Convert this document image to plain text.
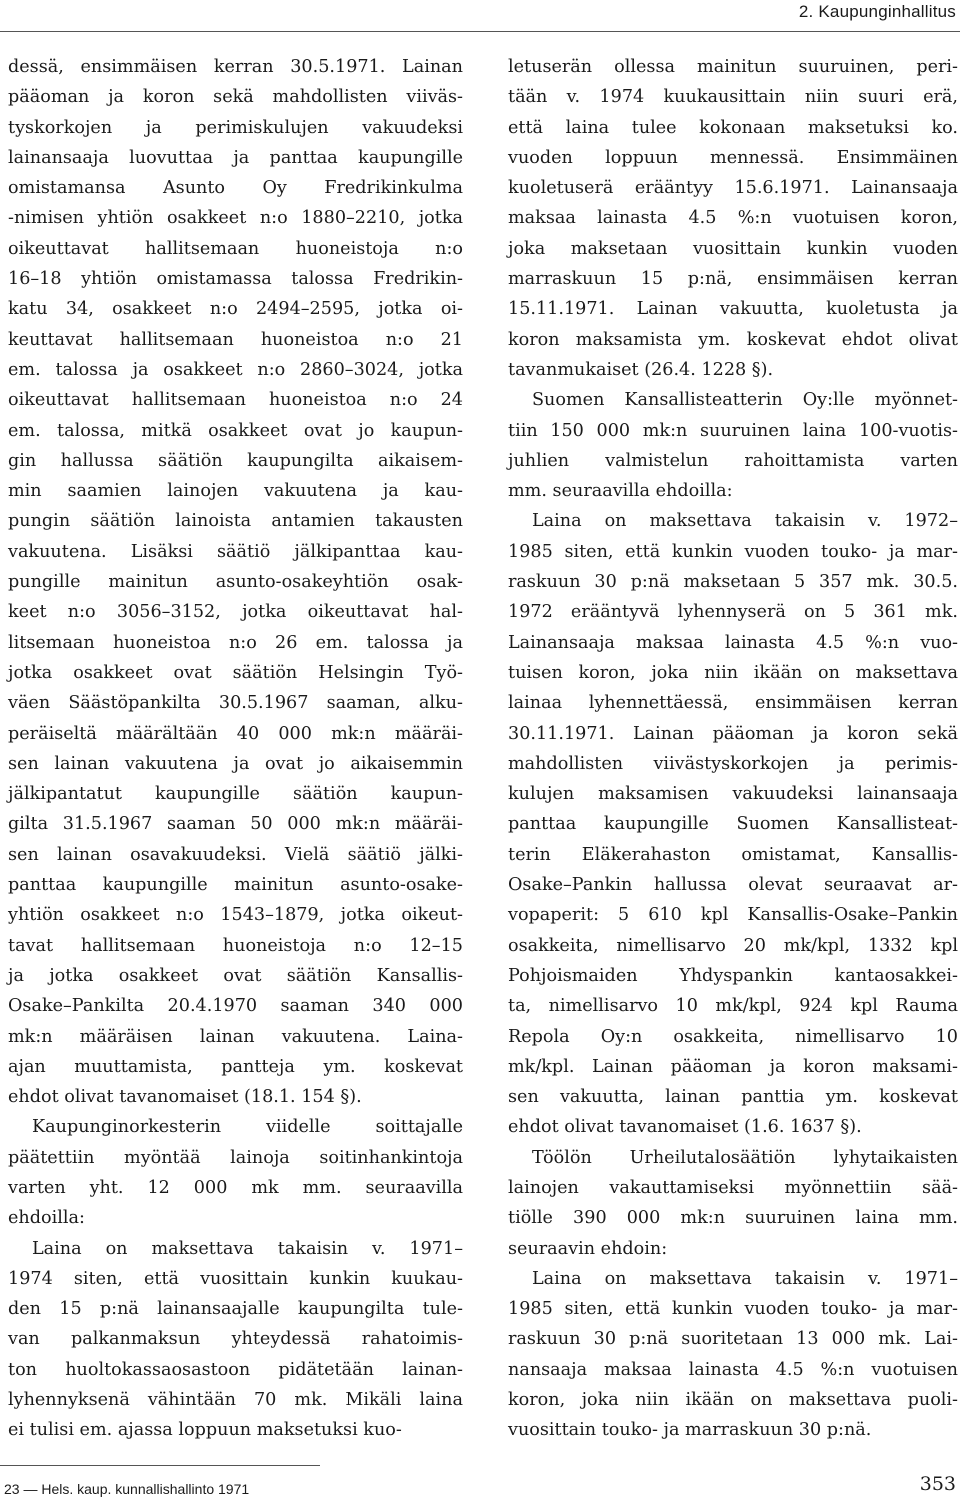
2. Kaupunginhallitus
dessä, ensimmäisen kerran 30.5.1971. Lainan
pääoman ja koron sekä mahdollisten viiväs-
tyskorkojen ja perimiskulujen vakuudeksi
lainansaaja luovuttaa ja panttaa kaupungille
omistamansa Asunto Oy Fredrikinkulma
-nimisen yhtiön osakkeet n:o 1880–2210, jotka
oikeuttavat hallitsemaan huoneistoja n:o
16–18 yhtiön omistamassa talossa Fredrikin-
katu 34, osakkeet n:o 2494–2595, jotka oi-
keuttavat hallitsemaan huoneistoa n:o 21
em. talossa ja osakkeet n:o 2860–3024, jotka
oikeuttavat hallitsemaan huoneistoa n:o 24
em. talossa, mitkä osakkeet ovat jo kaupun-
gin hallussa säätiön kaupungilta aikaisem-
min saamien lainojen vakuutena ja kau-
pungin säätiön lainoista antamien takausten
vakuutena. Lisäksi säätiö jälkipanttaa kau-
pungille mainitun asunto-osakeyhtiön osak-
keet n:o 3056–3152, jotka oikeuttavat hal-
litsemaan huoneistoa n:o 26 em. talossa ja
jotka osakkeet ovat säätiön Helsingin Työ-
väen Säästöpankilta 30.5.1967 saaman, alku-
peräiseltä määrältään 40 000 mk:n määräi-
sen lainan vakuutena ja ovat jo aikaisemmin
jälkipantatut kaupungille säätiön kaupun-
gilta 31.5.1967 saaman 50 000 mk:n määräi-
sen lainan osavakuudeksi. Vielä säätiö jälki-
panttaa kaupungille mainitun asunto-osake-
yhtiön osakkeet n:o 1543–1879, jotka oikeut-
tavat hallitsemaan huoneistoja n:o 12–15
ja jotka osakkeet ovat säätiön Kansallis-
Osake–Pankilta 20.4.1970 saaman 340 000
mk:n määräisen lainan vakuutena. Laina-
ajan muuttamista, pantteja ym. koskevat
ehdot olivat tavanomaiset (18.1. 154 §).
Kaupunginorkesterin viidelle soittajalle
päätettiin myöntää lainoja soitinhankintoja
varten yht. 12 000 mk mm. seuraavilla
ehdoilla:
Laina on maksettava takaisin v. 1971–
1974 siten, että vuosittain kunkin kuukau-
den 15 p:nä lainansaajalle kaupungilta tule-
van palkanmaksun yhteydessä rahatoimis-
ton huoltokassaosastoon pidätetään lainan-
lyhennyksenä vähintään 70 mk. Mikäli laina
ei tulisi em. ajassa loppuun maksetuksi kuo-
letuserän ollessa mainitun suuruinen, peri-
tään v. 1974 kuukausittain niin suuri erä,
että laina tulee kokonaan maksetuksi ko.
vuoden loppuun mennessä. Ensimmäinen
kuoletuserä erääntyy 15.6.1971. Lainansaaja
maksaa lainasta 4.5 %:n vuotuisen koron,
joka maksetaan vuosittain kunkin vuoden
marraskuun 15 p:nä, ensimmäisen kerran
15.11.1971. Lainan vakuutta, kuoletusta ja
koron maksamista ym. koskevat ehdot olivat
tavanmukaiset (26.4. 1228 §).
Suomen Kansallisteatterin Oy:lle myönnet-
tiin 150 000 mk:n suuruinen laina 100-vuotis-
juhlien valmistelun rahoittamista varten
mm. seuraavilla ehdoilla:
Laina on maksettava takaisin v. 1972–
1985 siten, että kunkin vuoden touko- ja mar-
raskuun 30 p:nä maksetaan 5 357 mk. 30.5.
1972 erääntyvä lyhennyserä on 5 361 mk.
Lainansaaja maksaa lainasta 4.5 %:n vuo-
tuisen koron, joka niin ikään on maksettava
lainaa lyhennettäessä, ensimmäisen kerran
30.11.1971. Lainan pääoman ja koron sekä
mahdollisten viivästyskorkojen ja perimis-
kulujen maksamisen vakuudeksi lainansaaja
panttaa kaupungille Suomen Kansallisteat-
terin Eläkerahaston omistamat, Kansallis-
Osake–Pankin hallussa olevat seuraavat ar-
vopaperit: 5 610 kpl Kansallis-Osake–Pankin
osakkeita, nimellisarvo 20 mk/kpl, 1332 kpl
Pohjoismaiden Yhdyspankin kantaosakkei-
ta, nimellisarvo 10 mk/kpl, 924 kpl Rauma
Repola Oy:n osakkeita, nimellisarvo 10
mk/kpl. Lainan pääoman ja koron maksami-
sen vakuutta, lainan panttia ym. koskevat
ehdot olivat tavanomaiset (1.6. 1637 §).
Töölön Urheilutalosäätiön lyhytaikaisten
lainojen vakauttamiseksi myönnettiin sää-
tiölle 390 000 mk:n suuruinen laina mm.
seuraavin ehdoin:
Laina on maksettava takaisin v. 1971–
1985 siten, että kunkin vuoden touko- ja mar-
raskuun 30 p:nä suoritetaan 13 000 mk. Lai-
nansaaja maksaa lainasta 4.5 %:n vuotuisen
koron, joka niin ikään on maksettava puoli-
vuosittain touko- ja marraskuun 30 p:nä.
23 — Hels. kaup. kunnallishallinto 1971	353
